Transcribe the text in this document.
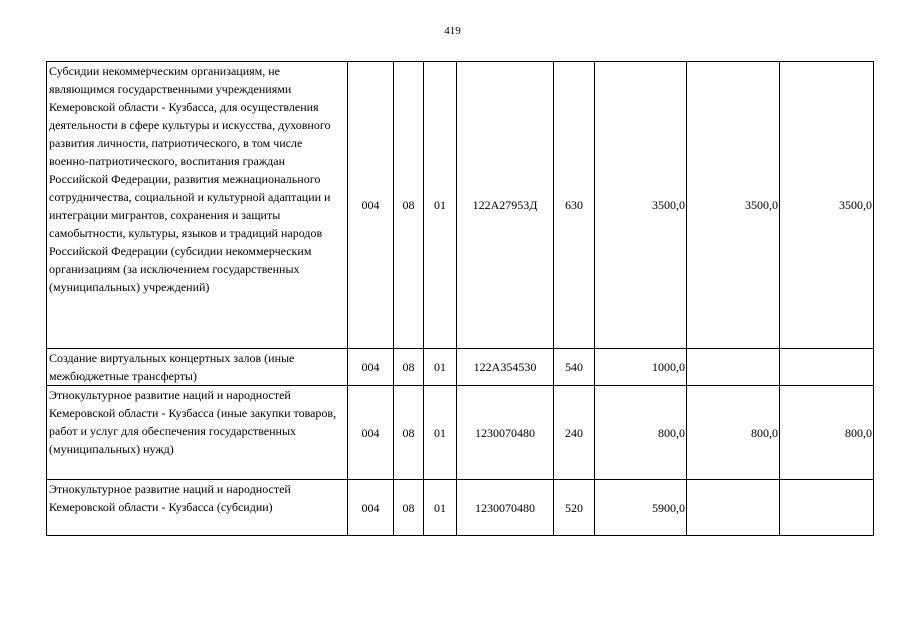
419
Субсидии некоммерческим организациям, не являющимся государственными учреждениями Кемеровской области - Кузбасса, для осуществления деятельности в сфере культуры и искусства, духовного развития личности, патриотического, в том числе военно-патриотического, воспитания граждан Российской Федерации, развития межнационального сотрудничества, социальной и культурной адаптации и интеграции мигрантов, сохранения и защиты самобытности, культуры, языков и традиций народов Российской Федерации (субсидии некоммерческим организациям (за исключением государственных (муниципальных) учреждений)	004	08	01	122А27953Д	630	3500,0	3500,0	3500,0
Создание виртуальных концертных залов (иные межбюджетные трансферты)	004	08	01	122А354530	540	1000,0		
Этнокультурное развитие наций и народностей Кемеровской области - Кузбасса (иные закупки товаров, работ и услуг для обеспечения государственных (муниципальных) нужд)	004	08	01	1230070480	240	800,0	800,0	800,0
Этнокультурное развитие наций и народностей Кемеровской области - Кузбасса (субсидии)	004	08	01	1230070480	520	5900,0		
